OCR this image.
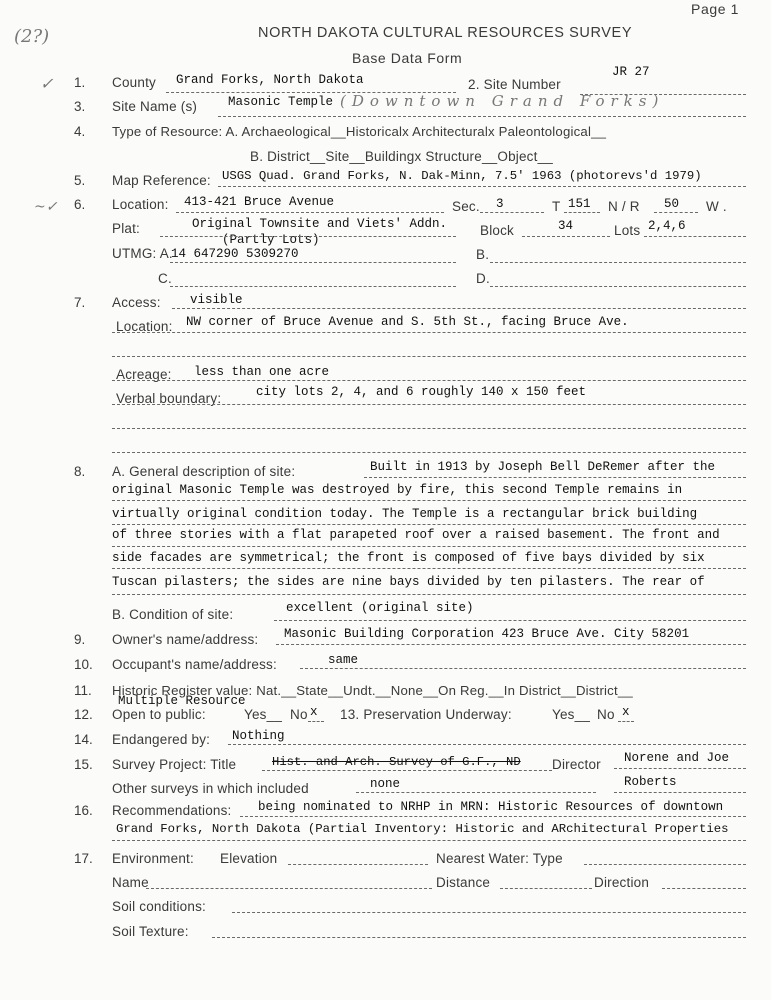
Page 1
(2?)	NORTH DAKOTA CULTURAL RESOURCES SURVEY
Base Data Form
✓ 1. County Grand Forks, North Dakota	2. Site Number
JR 27
3. Site Name (s) Masonic Temple (Downtown Grand Forks)
4. Type of Resource: A. Archaeological__Historicalx Architecturalx Paleontological__
B. District__Site__Buildingx Structure__Object__
5. Map Reference: USGS Quad. Grand Forks, N. Dak-Minn, 7.5' 1963 (photorevs'd 1979)
~✓ 6. Location: 413-421 Bruce Avenue	Sec. 3	T 151 N / R 50 W .
Plat:	Original Townsite and Viets' Addn.
(Partly Lots)
Block	34	Lots 2,4,6
UTMG: A.
14 647290 5309270	B.
C.	D.
7. Access: visible
Location: NW corner of Bruce Avenue and S. 5th St., facing Bruce Ave.
Acreage: less than one acre
Verbal boundary:	city lots 2, 4, and 6 roughly 140 x 150 feet
8. A. General description of site:	Built in 1913 by Joseph Bell DeRemer after the
original Masonic Temple was destroyed by fire, this second Temple remains in
virtually original condition today. The Temple is a rectangular brick building
of three stories with a flat parapeted roof over a raised basement. The front and
side facades are symmetrical; the front is composed of five bays divided by six
Tuscan pilasters; the sides are nine bays divided by ten pilasters. The rear of
B. Condition of site:	excellent (original site)
9. Owner's name/address: Masonic Building Corporation 423 Bruce Ave. City 58201
10. Occupant's name/address:	same
11. Historic Register value: Nat.__State__Undt.__None__On Reg.__In District__District__
Multiple Resource
12. Open to public:	Yes__ No x 13. Preservation Underway:	Yes__ No x
14. Endangered by: Nothing
15. Survey Project: Title	Hist. and Arch. Survey of G.F., ND Director Norene and Joe
Other surveys in which included	none	Roberts
16. Recommendations: being nominated to NRHP in MRN: Historic Resources of downtown
Grand Forks, North Dakota (Partial Inventory: Historic and ARchitectural Properties
17. Environment: Elevation	Nearest Water: Type
Name	Distance	Direction
Soil conditions:
Soil Texture:
